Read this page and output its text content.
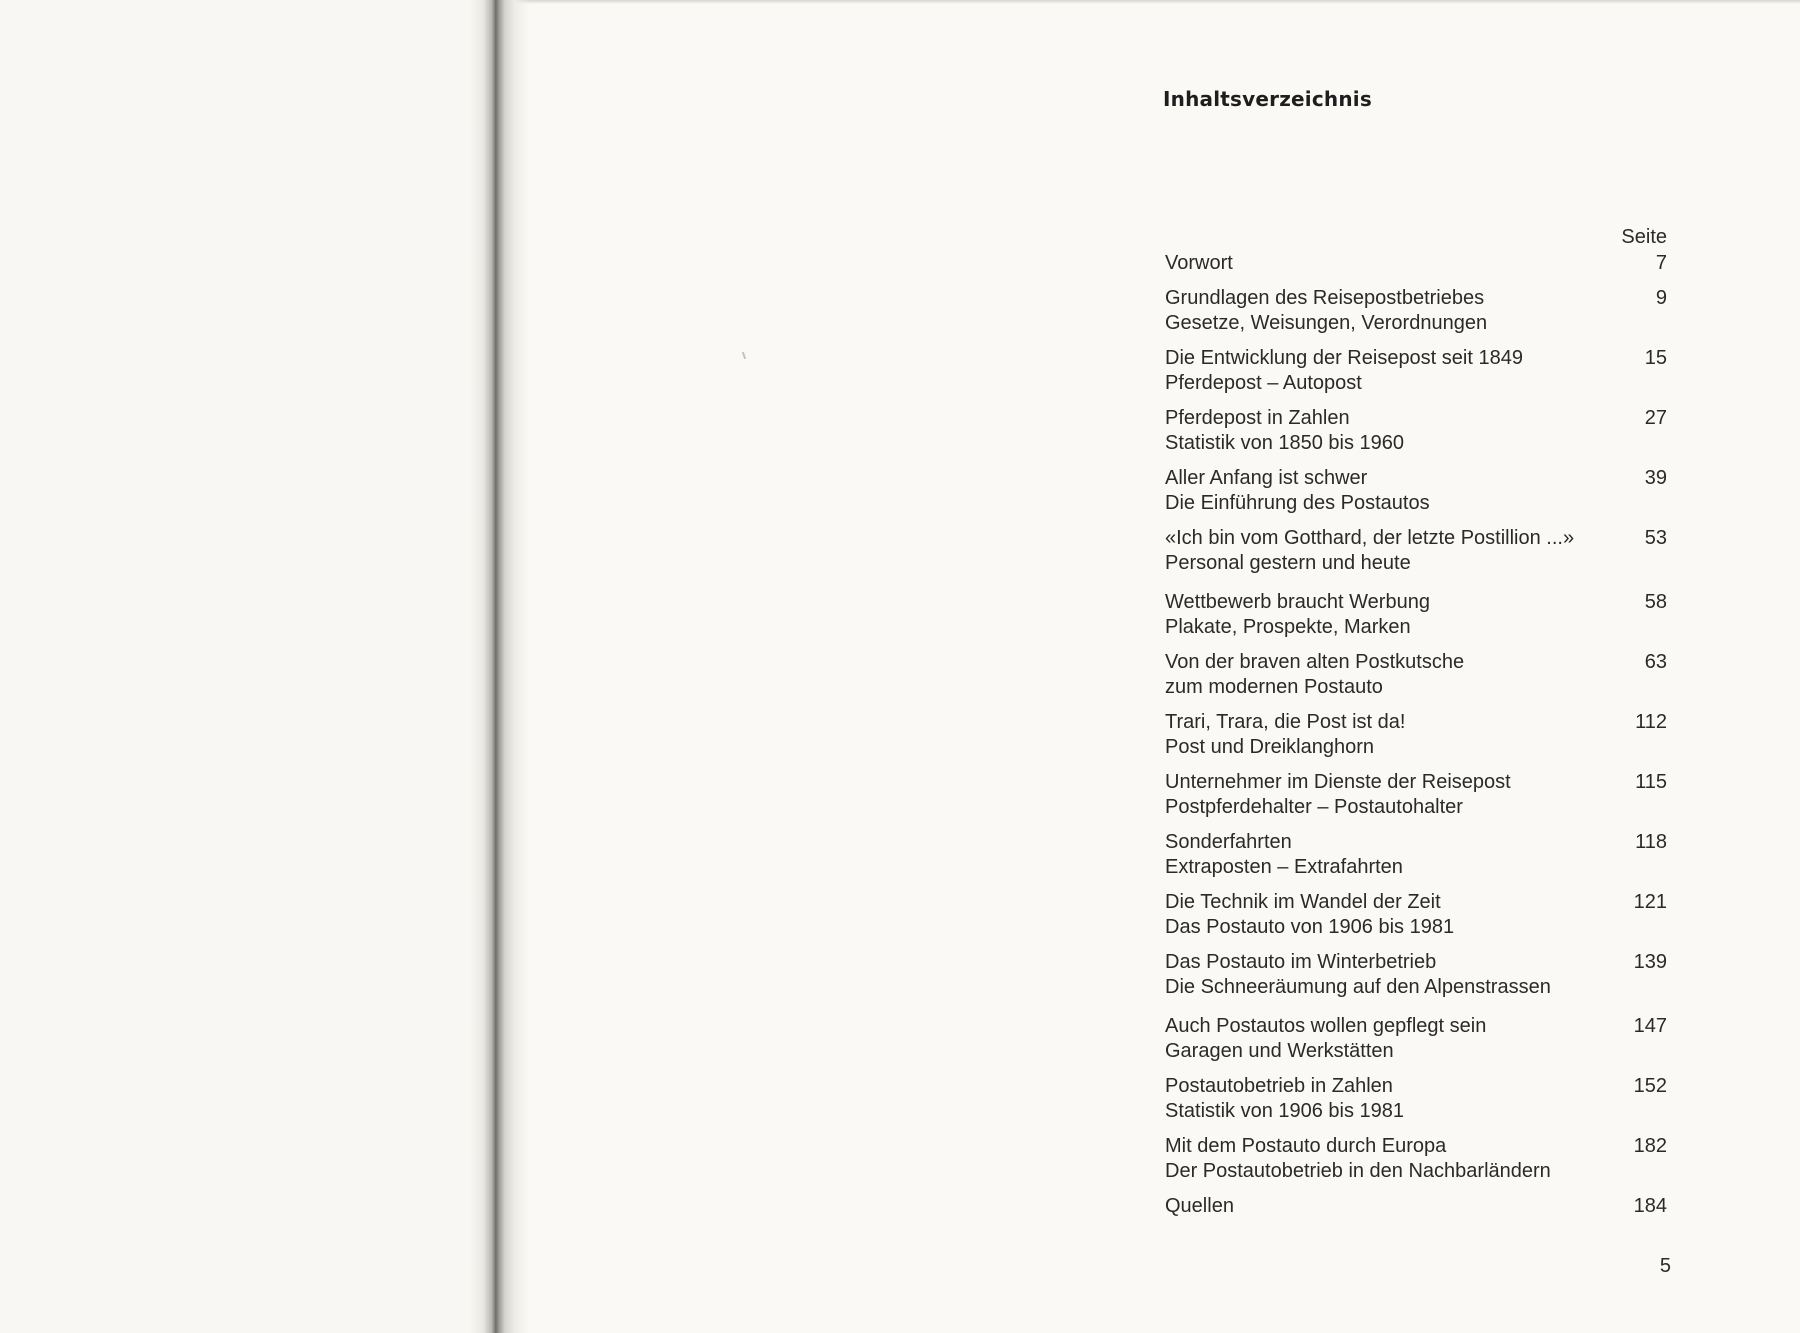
Inhaltsverzeichnis
Seite
Vorwort	7
Grundlagen des Reisepostbetriebes
Gesetze, Weisungen, Verordnungen
9
Die Entwicklung der Reisepost seit 1849
Pferdepost – Autopost
15
Pferdepost in Zahlen
Statistik von 1850 bis 1960
27
Aller Anfang ist schwer
Die Einführung des Postautos
39
«Ich bin vom Gotthard, der letzte Postillion ...»
Personal gestern und heute
53
Wettbewerb braucht Werbung
Plakate, Prospekte, Marken
58
Von der braven alten Postkutsche
zum modernen Postauto
63
Trari, Trara, die Post ist da!
Post und Dreiklanghorn
112
Unternehmer im Dienste der Reisepost
Postpferdehalter – Postautohalter
115
Sonderfahrten
Extraposten – Extrafahrten
118
Die Technik im Wandel der Zeit
Das Postauto von 1906 bis 1981
121
Das Postauto im Winterbetrieb
Die Schneeräumung auf den Alpenstrassen
139
Auch Postautos wollen gepflegt sein
Garagen und Werkstätten
147
Postautobetrieb in Zahlen
Statistik von 1906 bis 1981
152
Mit dem Postauto durch Europa
Der Postautobetrieb in den Nachbarländern
182
Quellen	184
5
